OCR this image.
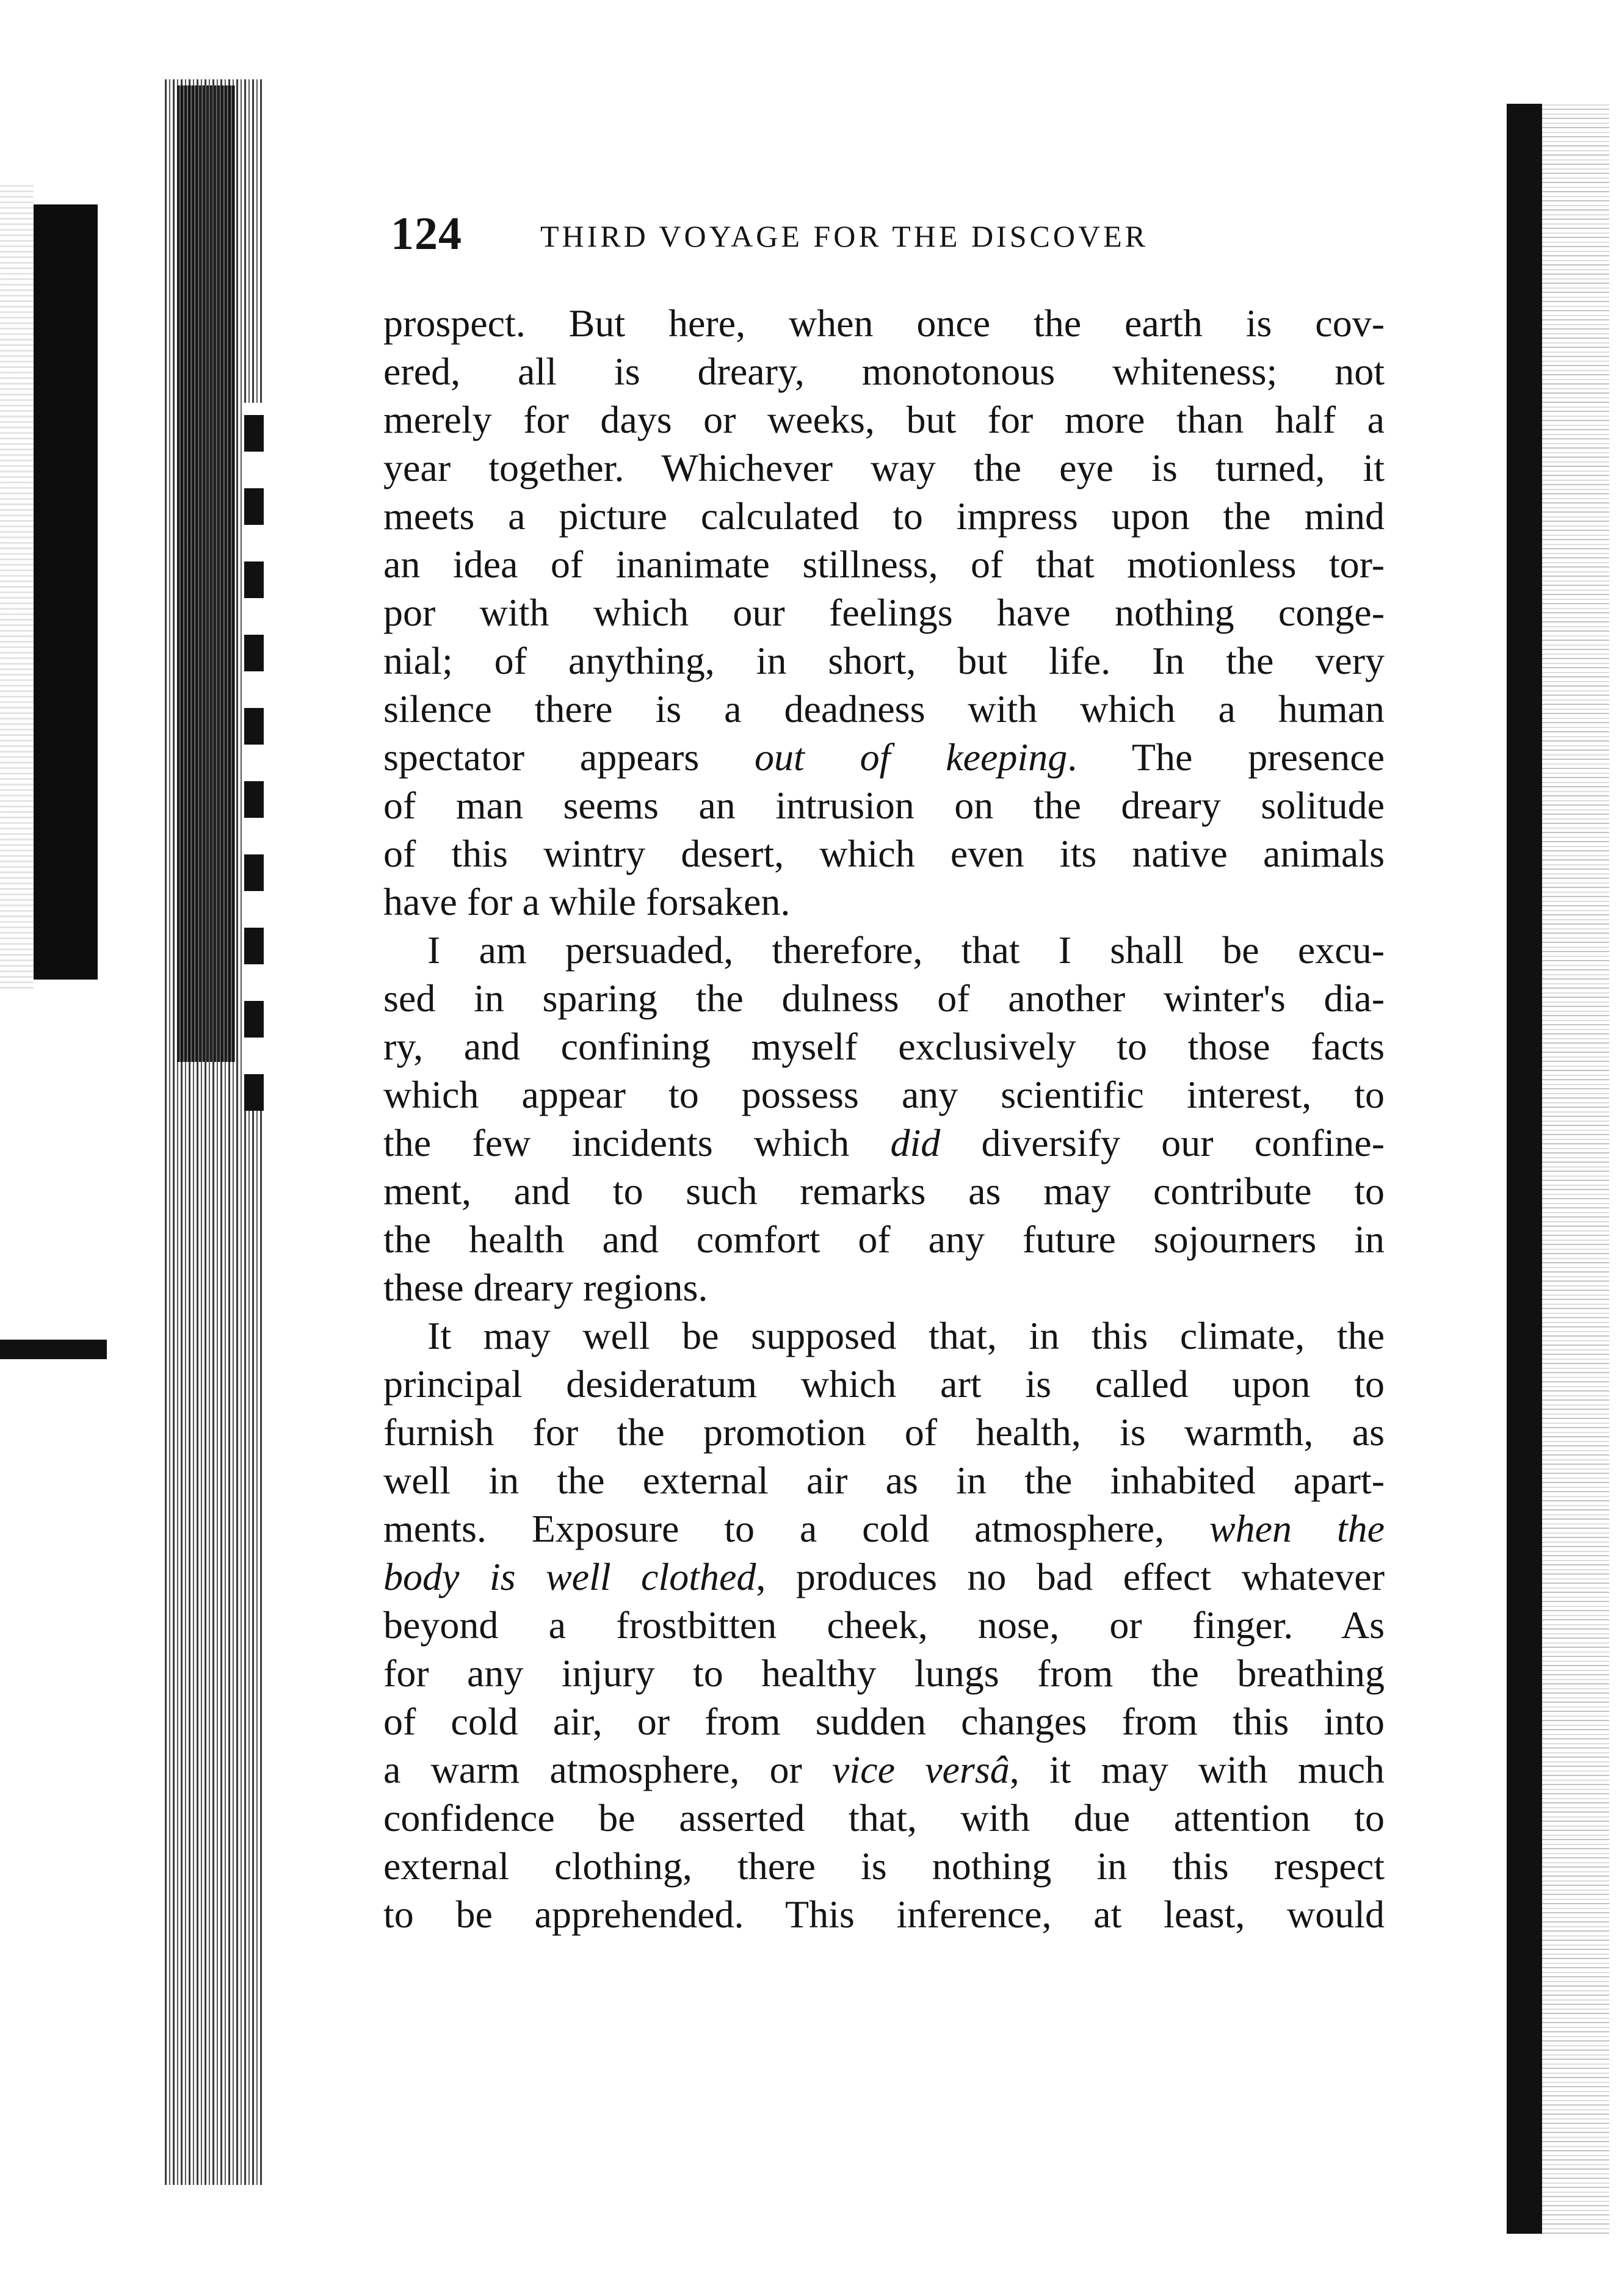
124	THIRD VOYAGE FOR THE DISCOVER
prospect. But here, when once the earth is cov-
ered, all is dreary, monotonous whiteness; not
merely for days or weeks, but for more than half a
year together. Whichever way the eye is turned, it
meets a picture calculated to impress upon the mind
an idea of inanimate stillness, of that motionless tor-
por with which our feelings have nothing conge-
nial; of anything, in short, but life. In the very
silence there is a deadness with which a human
spectator appears out of keeping. The presence
of man seems an intrusion on the dreary solitude
of this wintry desert, which even its native animals
have for a while forsaken.
I am persuaded, therefore, that I shall be excu-
sed in sparing the dulness of another winter's dia-
ry, and confining myself exclusively to those facts
which appear to possess any scientific interest, to
the few incidents which did diversify our confine-
ment, and to such remarks as may contribute to
the health and comfort of any future sojourners in
these dreary regions.
It may well be supposed that, in this climate, the
principal desideratum which art is called upon to
furnish for the promotion of health, is warmth, as
well in the external air as in the inhabited apart-
ments. Exposure to a cold atmosphere, when the
body is well clothed, produces no bad effect whatever
beyond a frostbitten cheek, nose, or finger. As
for any injury to healthy lungs from the breathing
of cold air, or from sudden changes from this into
a warm atmosphere, or vice versâ, it may with much
confidence be asserted that, with due attention to
external clothing, there is nothing in this respect
to be apprehended. This inference, at least, would
